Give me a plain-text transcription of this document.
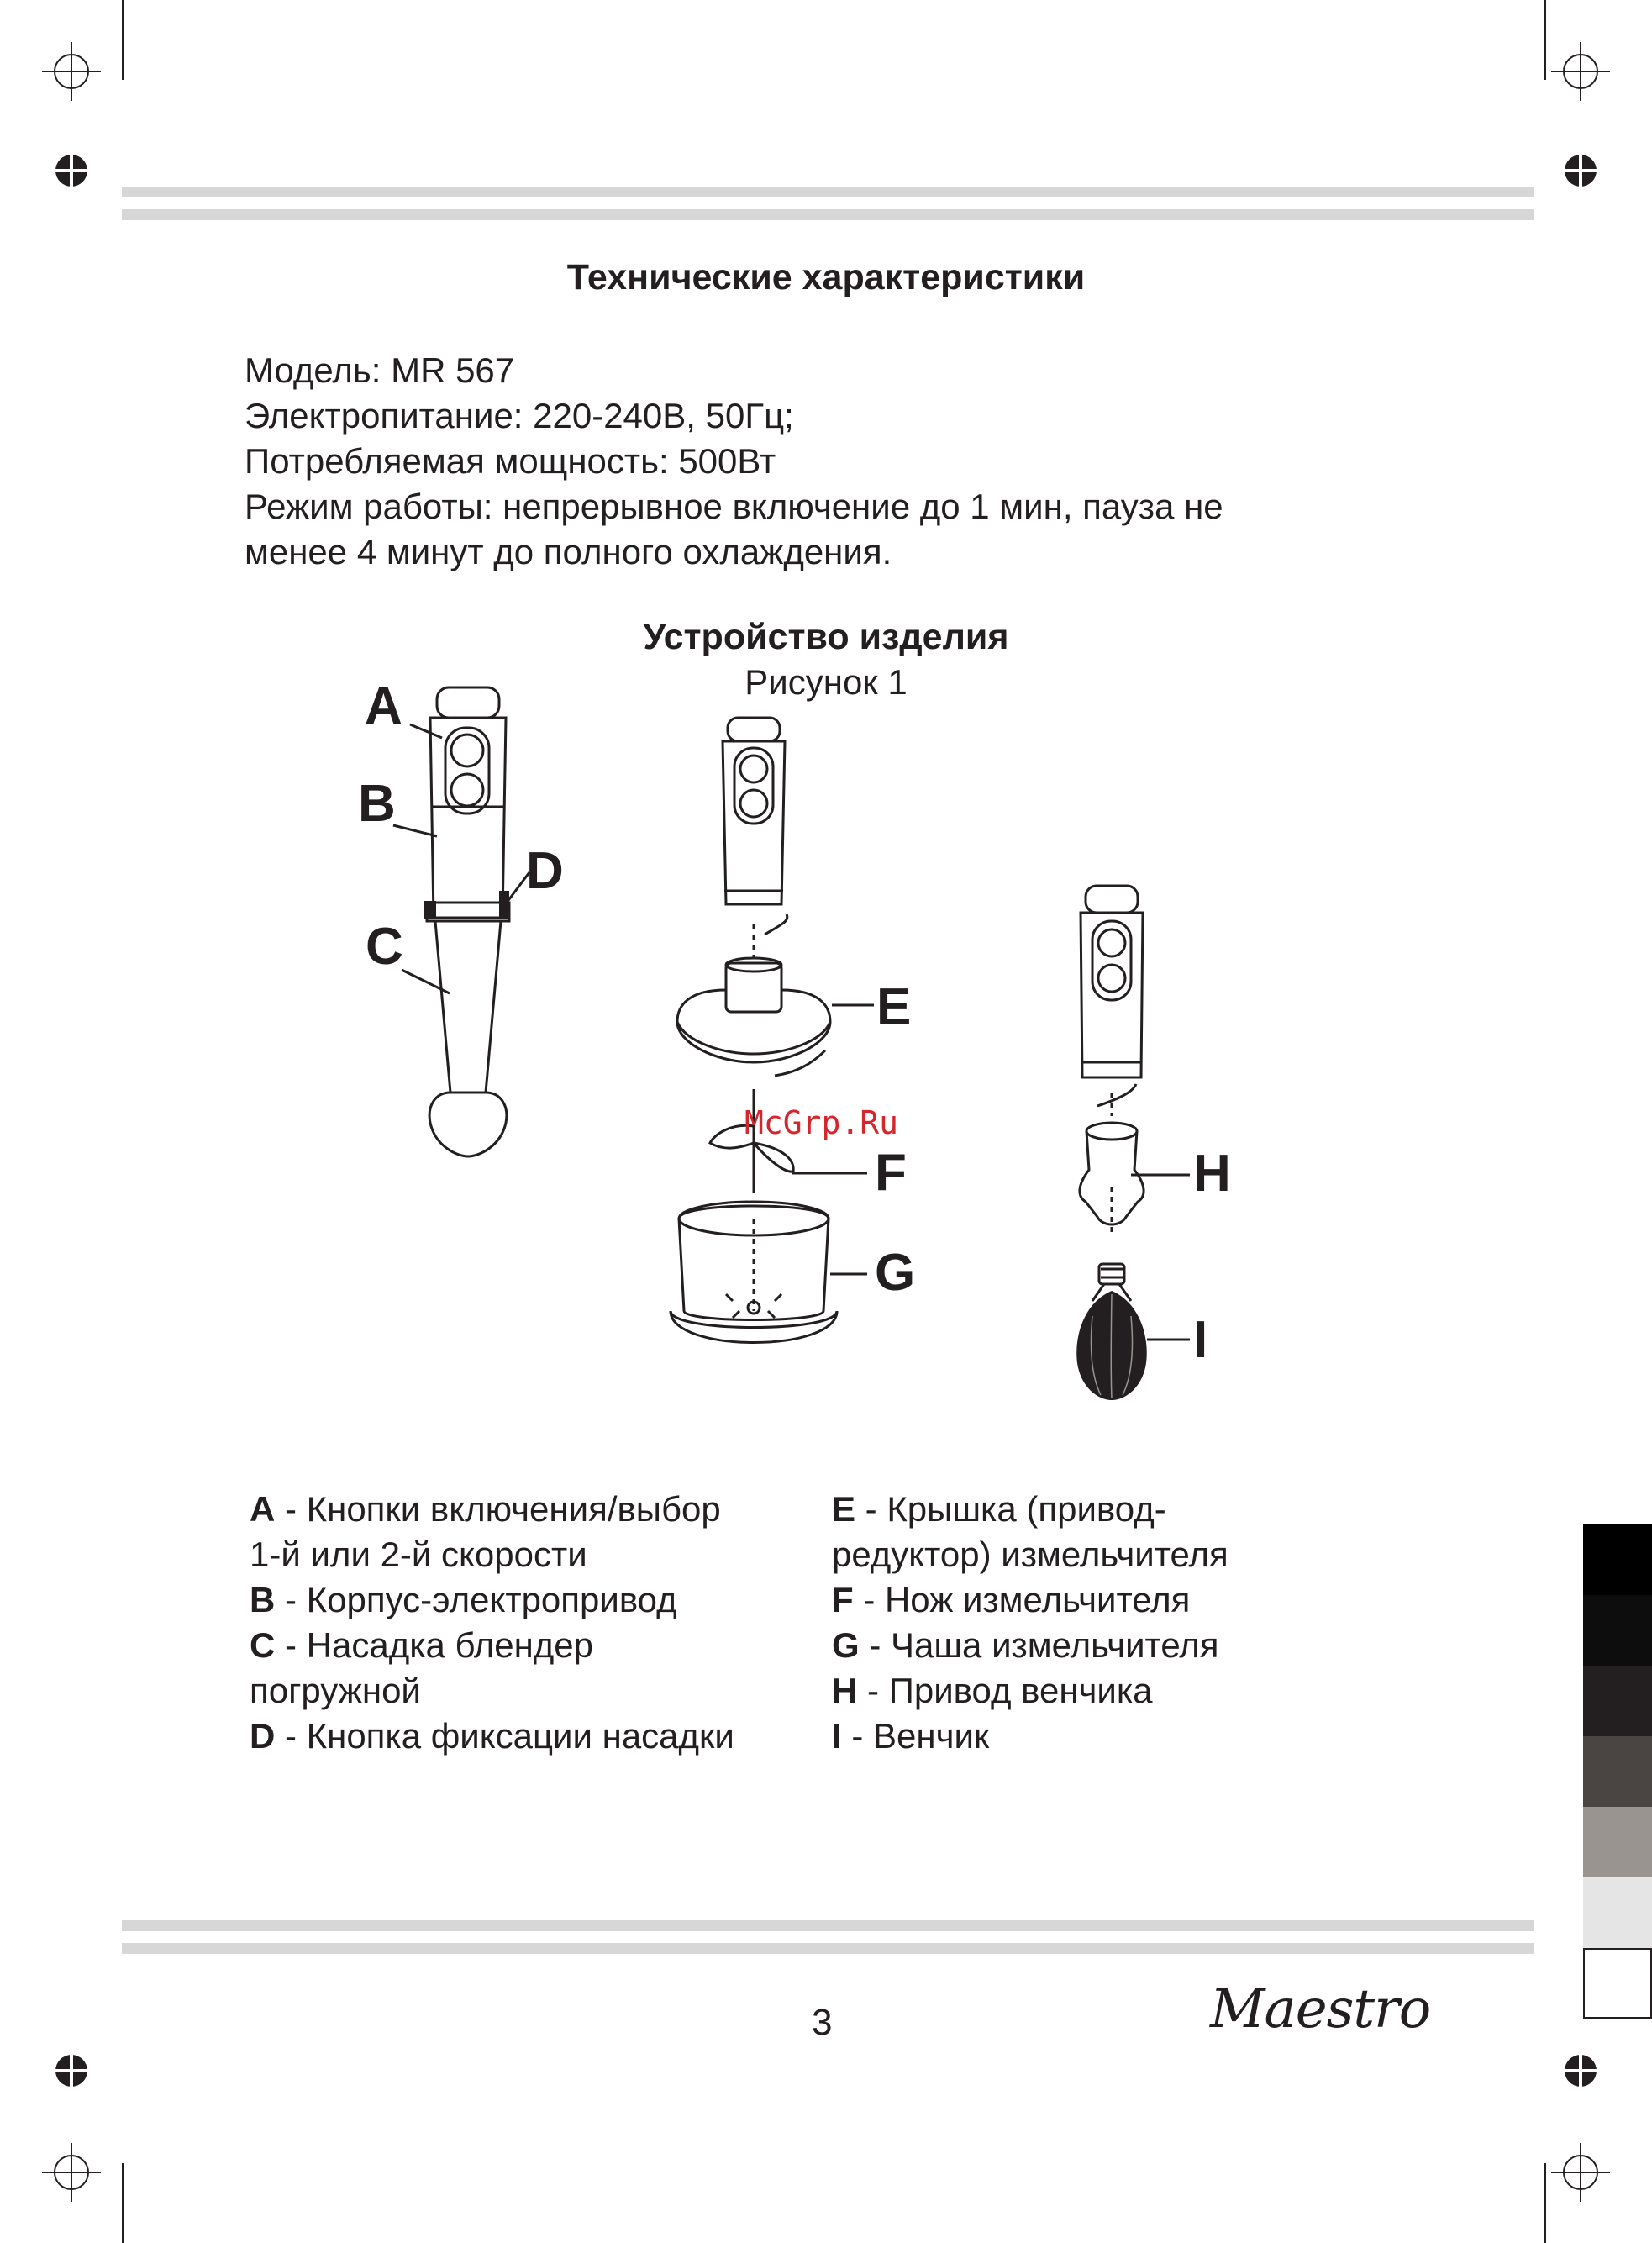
Технические характеристики
Модель: MR 567
Электропитание: 220-240В, 50Гц;
Потребляемая мощность: 500Вт
Режим работы: непрерывное включение до 1 мин, пауза не
менее 4 минут до полного охлаждения.
Устройство изделия
Рисунок 1
A
B
C
D
E
F
G
H
I
McGrp.Ru
A - Кнопки включения/выбор
1-й или 2-й скорости
B - Корпус-электропривод
C - Насадка блендер
погружной
D - Кнопка фиксации насадки
E - Крышка (привод-
редуктор) измельчителя
F - Нож измельчителя
G - Чаша измельчителя
H - Привод венчика
I - Венчик
3	Maestro
